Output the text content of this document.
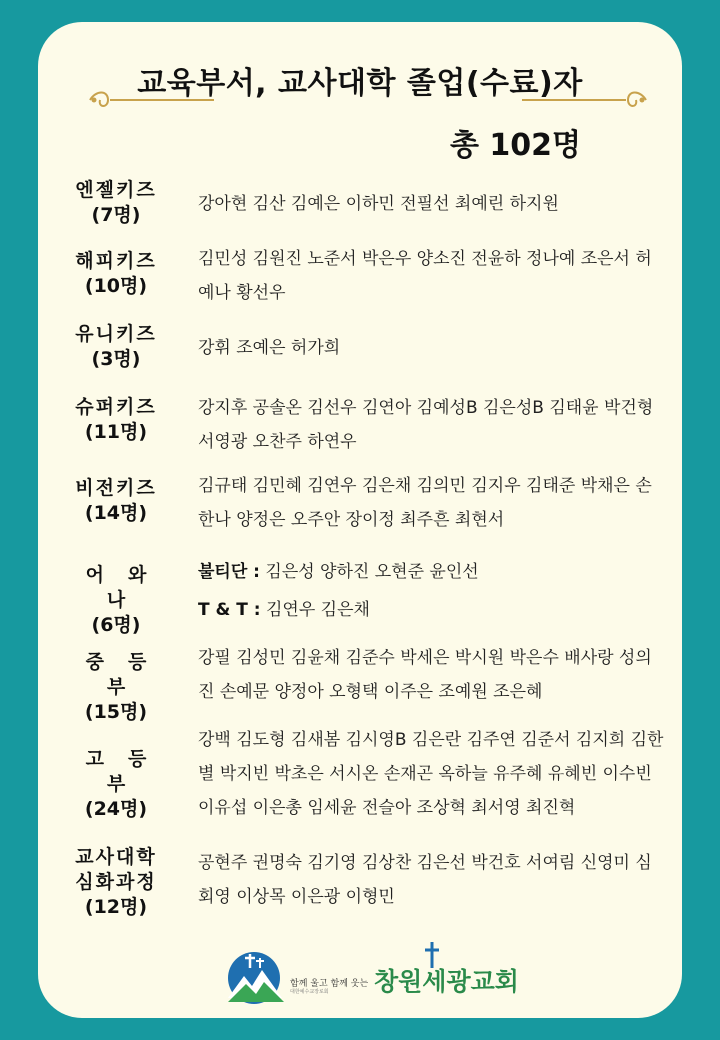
교육부서, 교사대학 졸업(수료)자
총 102명
엔젤키즈
(7명)	강아현 김산 김예은 이하민 전필선 최예린 하지원
해피키즈
(10명)
김민성 김원진 노준서 박은우 양소진 전윤하 정나예 조은서 허예나 황선우
유니키즈
(3명)	강휘 조예은 허가희
슈퍼키즈
(11명)
강지후 공솔온 김선우 김연아 김예성B 김은성B 김태윤 박건형 서영광 오찬주 하연우
비전키즈
(14명)
김규태 김민혜 김연우 김은채 김의민 김지우 김태준 박채은 손한나 양정은 오주안 장이정 최주흔 최현서
어와나
(6명)
불티단 : 김은성 양하진 오현준 윤인선
T & T : 김연우 김은채
중등부
(15명)
강필 김성민 김윤채 김준수 박세은 박시원 박은수 배사랑 성의진 손예문 양정아 오형택 이주은 조예원 조은혜
고등부
(24명)
강백 김도형 김새봄 김시영B 김은란 김주연 김준서 김지희 김한별 박지빈 박초은 서시온 손재곤 옥하늘 유주혜 유혜빈 이수빈 이유섭 이은총 임세윤 전슬아 조상혁 최서영 최진혁
교사대학
심화과정
(12명)
공현주 권명숙 김기영 김상찬 김은선 박건호 서여림 신영미 심회영 이상목 이은광 이형민
함께 울고 함께 웃는
대한예수교장로회 창원세광교회
